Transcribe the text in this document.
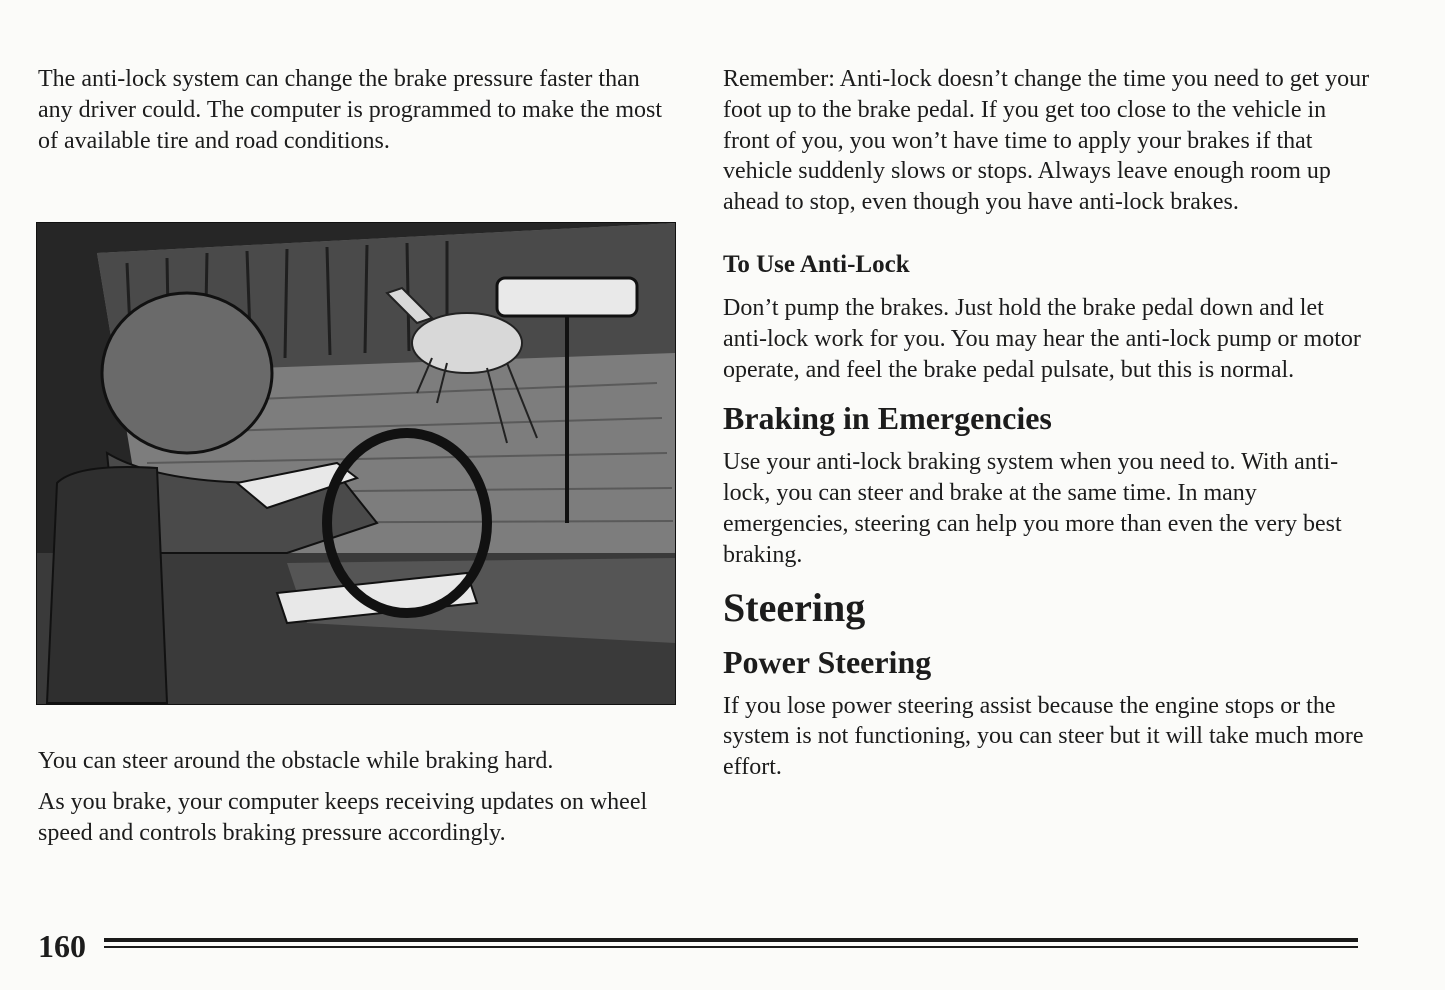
The anti-lock system can change the brake pressure faster than any driver could. The computer is programmed to make the most of available tire and road conditions.

You can steer around the obstacle while braking hard.

As you brake, your computer keeps receiving updates on wheel speed and controls braking pressure accordingly.

Remember: Anti-lock doesn’t change the time you need to get your foot up to the brake pedal. If you get too close to the vehicle in front of you, you won’t have time to apply your brakes if that vehicle suddenly slows or stops. Always leave enough room up ahead to stop, even though you have anti-lock brakes.

To Use Anti-Lock

Don’t pump the brakes. Just hold the brake pedal down and let anti-lock work for you. You may hear the anti-lock pump or motor operate, and feel the brake pedal pulsate, but this is normal.

Braking in Emergencies

Use your anti-lock braking system when you need to. With anti-lock, you can steer and brake at the same time. In many emergencies, steering can help you more than even the very best braking.

Steering
Power Steering

If you lose power steering assist because the engine stops or the system is not functioning, you can steer but it will take much more effort.

160
